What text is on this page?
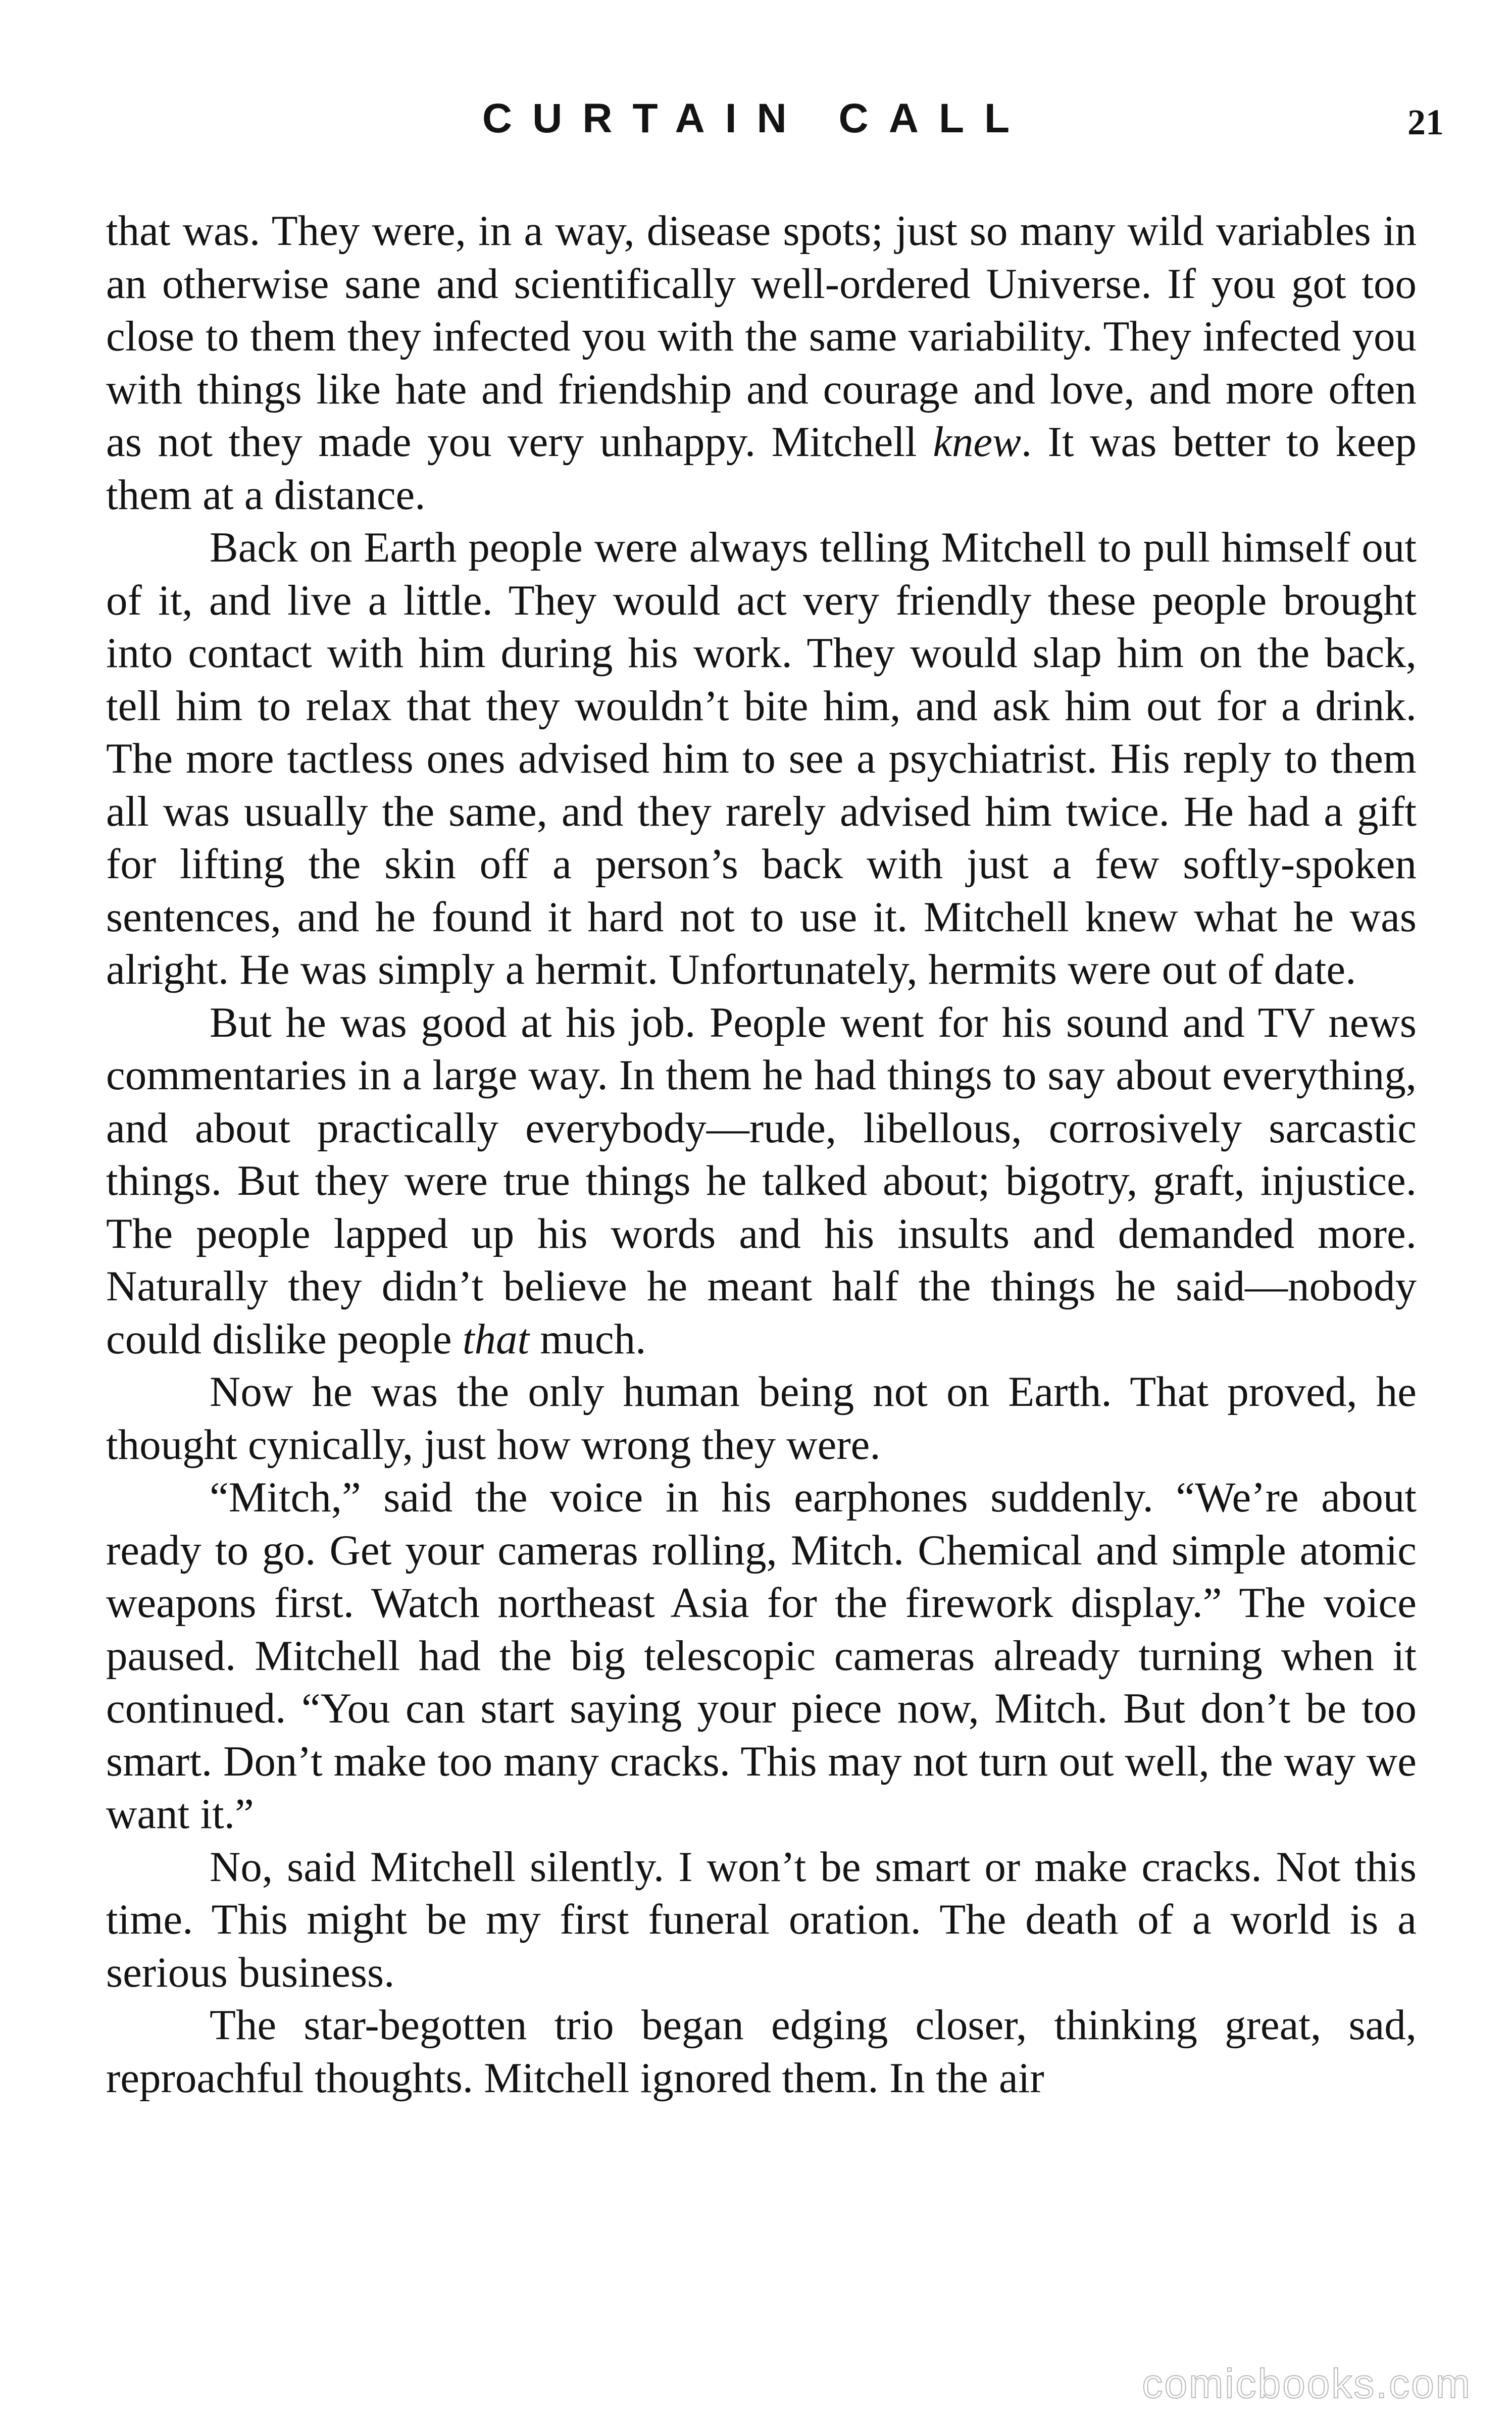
CURTAIN CALL	21

that was. They were, in a way, disease spots; just so many wild variables in an otherwise sane and scientifically well-ordered Universe. If you got too close to them they infected you with the same variability. They infected you with things like hate and friendship and courage and love, and more often as not they made you very unhappy. Mitchell knew. It was better to keep them at a distance.

Back on Earth people were always telling Mitchell to pull himself out of it, and live a little. They would act very friendly these people brought into contact with him during his work. They would slap him on the back, tell him to relax that they wouldn’t bite him, and ask him out for a drink. The more tactless ones advised him to see a psychiatrist. His reply to them all was usually the same, and they rarely advised him twice. He had a gift for lifting the skin off a person’s back with just a few softly-spoken sentences, and he found it hard not to use it. Mitchell knew what he was alright. He was simply a hermit. Unfortunately, hermits were out of date.

But he was good at his job. People went for his sound and TV news commentaries in a large way. In them he had things to say about everything, and about practically everybody—rude, libellous, corrosively sarcastic things. But they were true things he talked about; bigotry, graft, injustice. The people lapped up his words and his insults and demanded more. Naturally they didn’t believe he meant half the things he said—nobody could dislike people that much.

Now he was the only human being not on Earth. That proved, he thought cynically, just how wrong they were.

“Mitch,” said the voice in his earphones suddenly. “We’re about ready to go. Get your cameras rolling, Mitch. Chemical and simple atomic weapons first. Watch northeast Asia for the firework display.” The voice paused. Mitchell had the big telescopic cameras already turning when it continued. “You can start saying your piece now, Mitch. But don’t be too smart. Don’t make too many cracks. This may not turn out well, the way we want it.”

No, said Mitchell silently. I won’t be smart or make cracks. Not this time. This might be my first funeral oration. The death of a world is a serious business.

The star-begotten trio began edging closer, thinking great, sad, reproachful thoughts. Mitchell ignored them. In the air

comicbooks.com
